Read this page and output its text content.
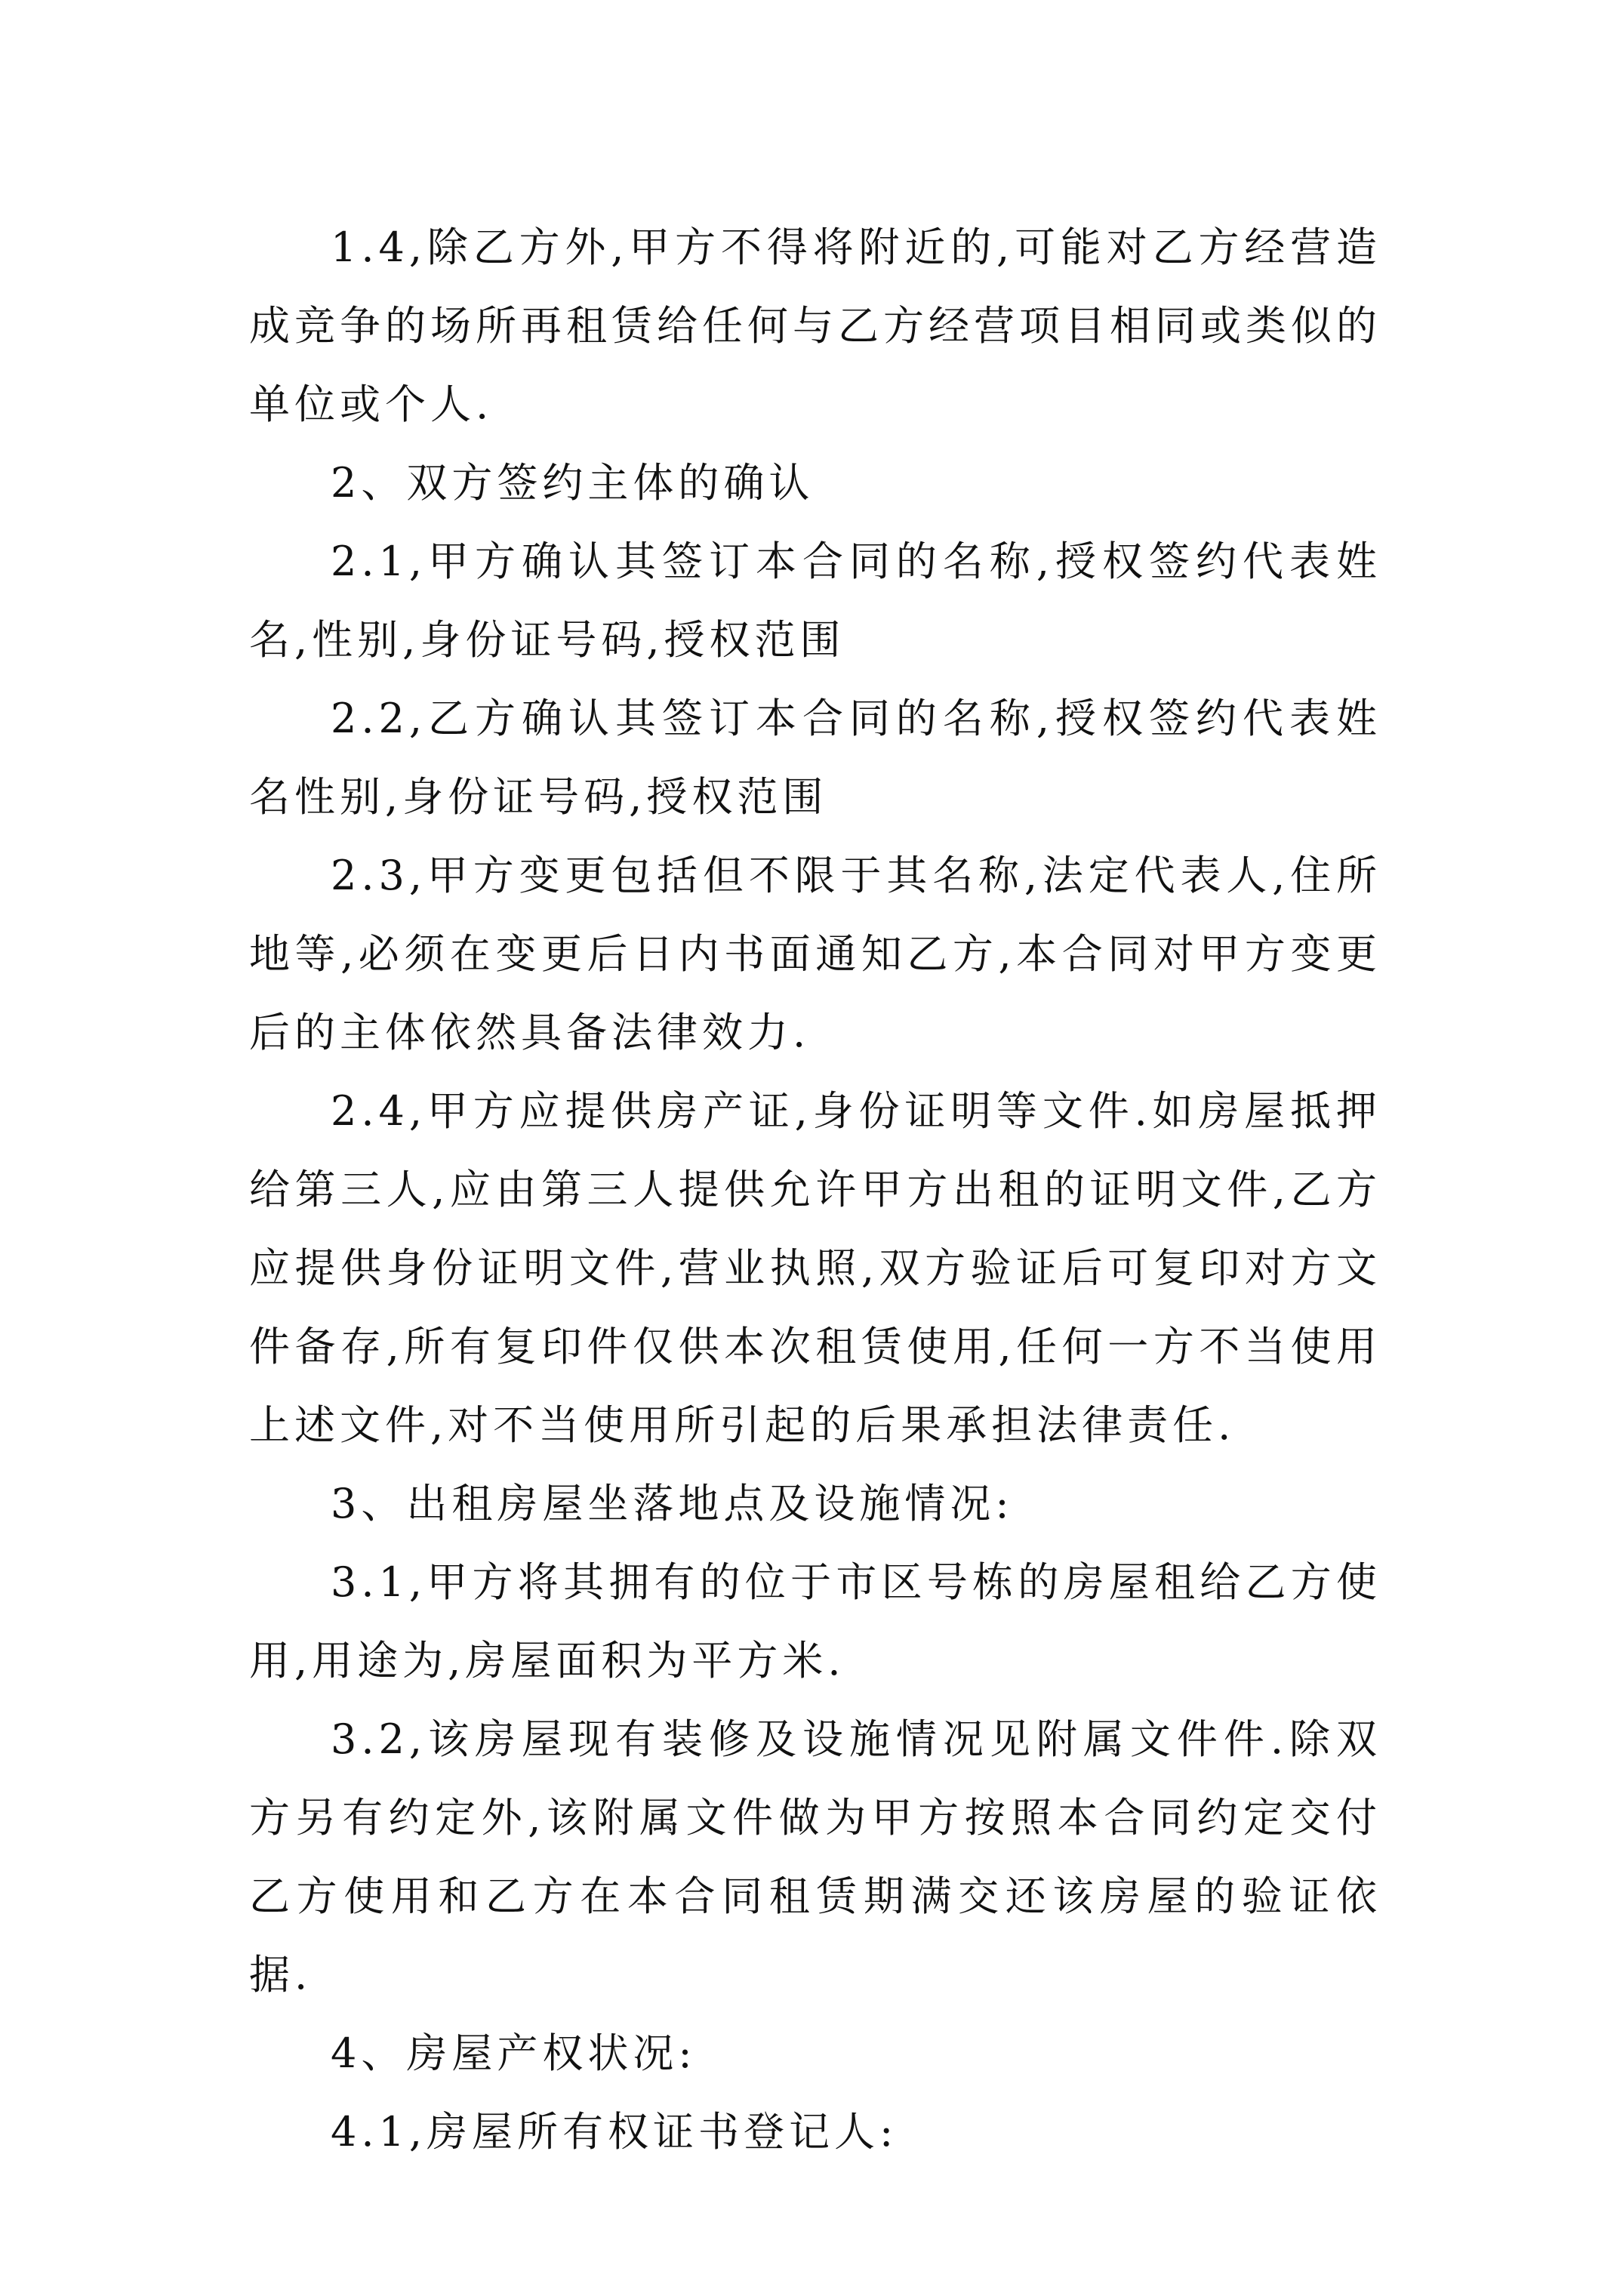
1.4,除乙方外,甲方不得将附近的,可能对乙方经营造成竞争的场所再租赁给任何与乙方经营项目相同或类似的单位或个人.

2、双方签约主体的确认

2.1,甲方确认其签订本合同的名称,授权签约代表姓名,性别,身份证号码,授权范围

2.2,乙方确认其签订本合同的名称,授权签约代表姓名性别,身份证号码,授权范围

2.3,甲方变更包括但不限于其名称,法定代表人,住所地等,必须在变更后日内书面通知乙方,本合同对甲方变更后的主体依然具备法律效力.

2.4,甲方应提供房产证,身份证明等文件.如房屋抵押给第三人,应由第三人提供允许甲方出租的证明文件,乙方应提供身份证明文件,营业执照,双方验证后可复印对方文件备存,所有复印件仅供本次租赁使用,任何一方不当使用上述文件,对不当使用所引起的后果承担法律责任.

3、出租房屋坐落地点及设施情况:

3.1,甲方将其拥有的位于市区号栋的房屋租给乙方使用,用途为,房屋面积为平方米.

3.2,该房屋现有装修及设施情况见附属文件件.除双方另有约定外,该附属文件做为甲方按照本合同约定交付乙方使用和乙方在本合同租赁期满交还该房屋的验证依据.

4、房屋产权状况:

4.1,房屋所有权证书登记人:
